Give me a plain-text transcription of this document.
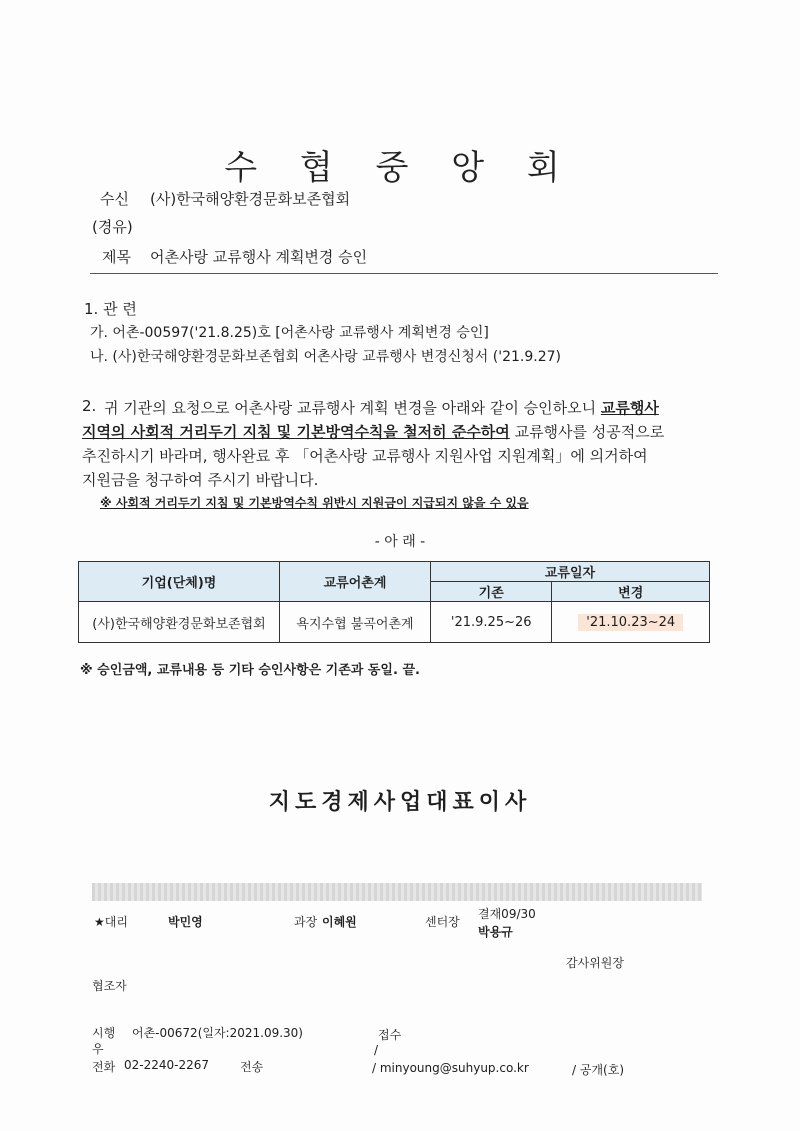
수 협 중 앙 회
수신 (사)한국해양환경문화보존협회
(경유)
제목 어촌사랑 교류행사 계획변경 승인
1. 관 련
가. 어촌-00597('21.8.25)호 [어촌사랑 교류행사 계획변경 승인]
나. (사)한국해양환경문화보존협회 어촌사랑 교류행사 변경신청서 ('21.9.27)
2. 귀 기관의 요청으로 어촌사랑 교류행사 계획 변경을 아래와 같이 승인하오니 교류행사
지역의 사회적 거리두기 지침 및 기본방역수칙을 철저히 준수하여 교류행사를 성공적으로
추진하시기 바라며, 행사완료 후 「어촌사랑 교류행사 지원사업 지원계획」에 의거하여
지원금을 청구하여 주시기 바랍니다.
※ 사회적 거리두기 지침 및 기본방역수칙 위반시 지원금이 지급되지 않을 수 있음
- 아 래 -
기업(단체)명	교류어촌계	교류일자	
		기존	변경
(사)한국해양환경문화보존협회	욕지수협 불곡어촌계	'21.9.25~26	'21.10.23~24
※ 승인금액, 교류내용 등 기타 승인사항은 기존과 동일. 끝.
지도경제사업대표이사
★대리	박민영	과장 이혜원	센터장
결재09/30
박용규
감사위원장
협조자
시행 어촌-00672(일자:2021.09.30)	접수
/
우
전화 02-2240-2267	전송	/ minyoung@suhyup.co.kr	/ 공개(호)
